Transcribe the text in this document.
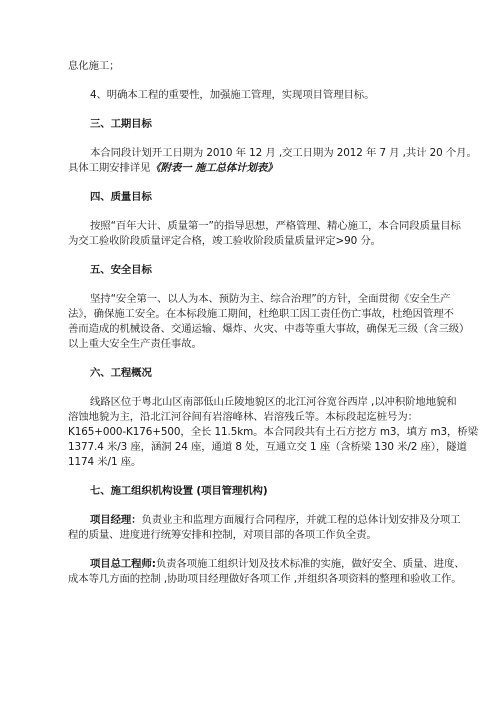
息化施工；
4、明确本工程的重要性，加强施工管理，实现项目管理目标。
三、工期目标
本合同段计划开工日期为 2010 年 12 月 ,交工日期为 2012 年 7 月 ,共计 20 个月。
具体工期安排详见《附表一 施工总体计划表》
四、质量目标
按照“百年大计、质量第一”的指导思想，严格管理、精心施工，本合同段质量目标
为交工验收阶段质量评定合格，竣工验收阶段质量质量评定>90 分。
五、安全目标
坚持“安全第一、以人为本、预防为主、综合治理”的方针，全面贯彻《安全生产
法》，确保施工安全。在本标段施工期间，杜绝职工因工责任伤亡事故，杜绝因管理不
善而造成的机械设备、交通运输、爆炸、火灾、中毒等重大事故，确保无三级（含三级）
以上重大安全生产责任事故。
六、工程概况
线路区位于粤北山区南部低山丘陵地貌区的北江河谷宽谷西岸 ,以冲积阶地地貌和
溶蚀地貌为主，沿北江河谷间有岩溶峰林、岩溶残丘等。本标段起迄桩号为：
K165+000-K176+500，全长 11.5km。本合同段共有土石方挖方 m3，填方 m3，桥梁
1377.4 米/3 座，涵洞 24 座，通道 8 处，互通立交 1 座（含桥梁 130 米/2 座），隧道
1174 米/1 座。
七、施工组织机构设置 (项目管理机构)
项目经理：负责业主和监理方面履行合同程序，并就工程的总体计划安排及分项工
程的质量、进度进行统筹安排和控制，对项目部的各项工作负全责。
项目总工程师:负责各项施工组织计划及技术标准的实施，做好安全、质量、进度、
成本等几方面的控制 ,协助项目经理做好各项工作 ,并组织各项资料的整理和验收工作。
